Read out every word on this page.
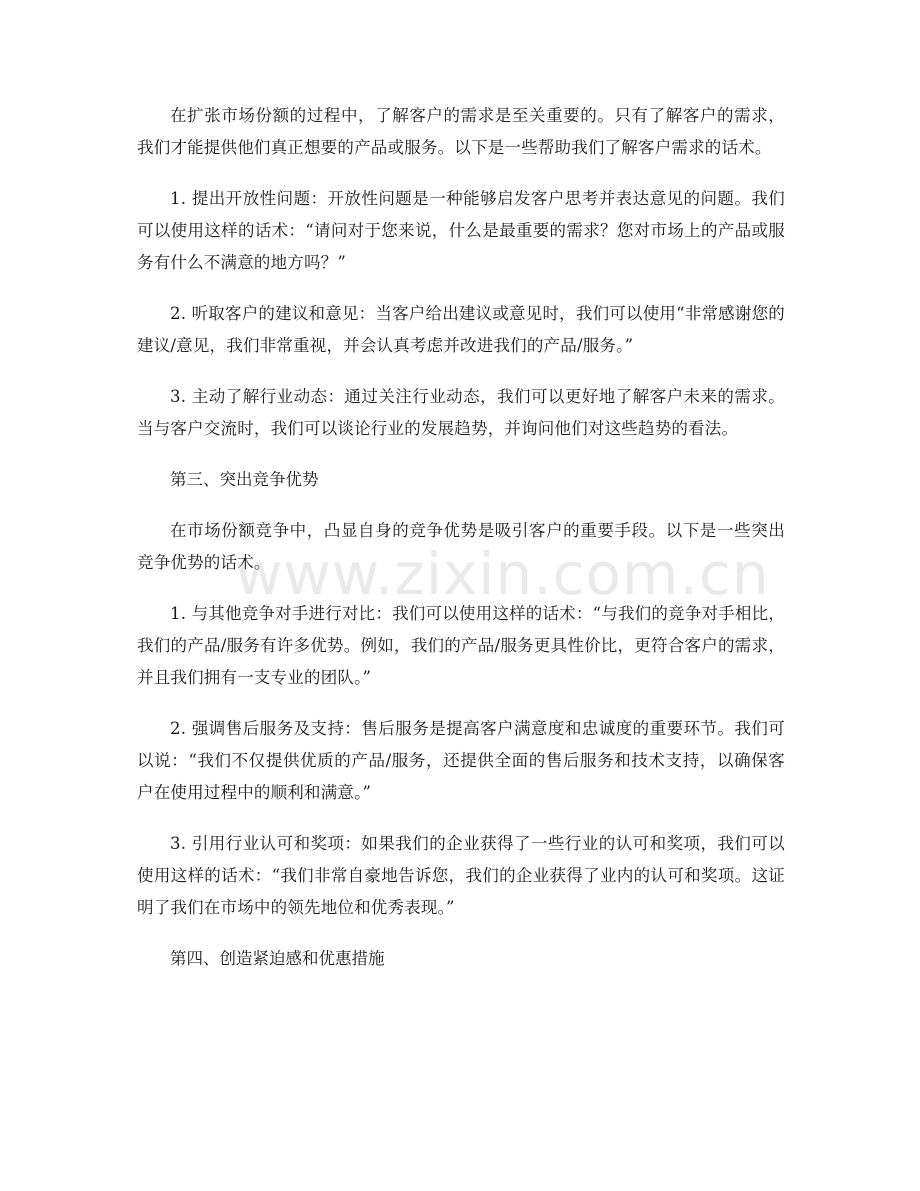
在扩张市场份额的过程中，了解客户的需求是至关重要的。只有了解客户的需求，我们才能提供他们真正想要的产品或服务。以下是一些帮助我们了解客户需求的话术。

1. 提出开放性问题：开放性问题是一种能够启发客户思考并表达意见的问题。我们可以使用这样的话术：“请问对于您来说，什么是最重要的需求？您对市场上的产品或服务有什么不满意的地方吗？”

2. 听取客户的建议和意见：当客户给出建议或意见时，我们可以使用“非常感谢您的建议/意见，我们非常重视，并会认真考虑并改进我们的产品/服务。”

3. 主动了解行业动态：通过关注行业动态，我们可以更好地了解客户未来的需求。当与客户交流时，我们可以谈论行业的发展趋势，并询问他们对这些趋势的看法。

第三、突出竞争优势

在市场份额竞争中，凸显自身的竞争优势是吸引客户的重要手段。以下是一些突出竞争优势的话术。

1. 与其他竞争对手进行对比：我们可以使用这样的话术：“与我们的竞争对手相比，我们的产品/服务有许多优势。例如，我们的产品/服务更具性价比，更符合客户的需求，并且我们拥有一支专业的团队。”

2. 强调售后服务及支持：售后服务是提高客户满意度和忠诚度的重要环节。我们可以说：“我们不仅提供优质的产品/服务，还提供全面的售后服务和技术支持，以确保客户在使用过程中的顺利和满意。”

3. 引用行业认可和奖项：如果我们的企业获得了一些行业的认可和奖项，我们可以使用这样的话术：“我们非常自豪地告诉您，我们的企业获得了业内的认可和奖项。这证明了我们在市场中的领先地位和优秀表现。”

第四、创造紧迫感和优惠措施

www.zixin.com.cn
